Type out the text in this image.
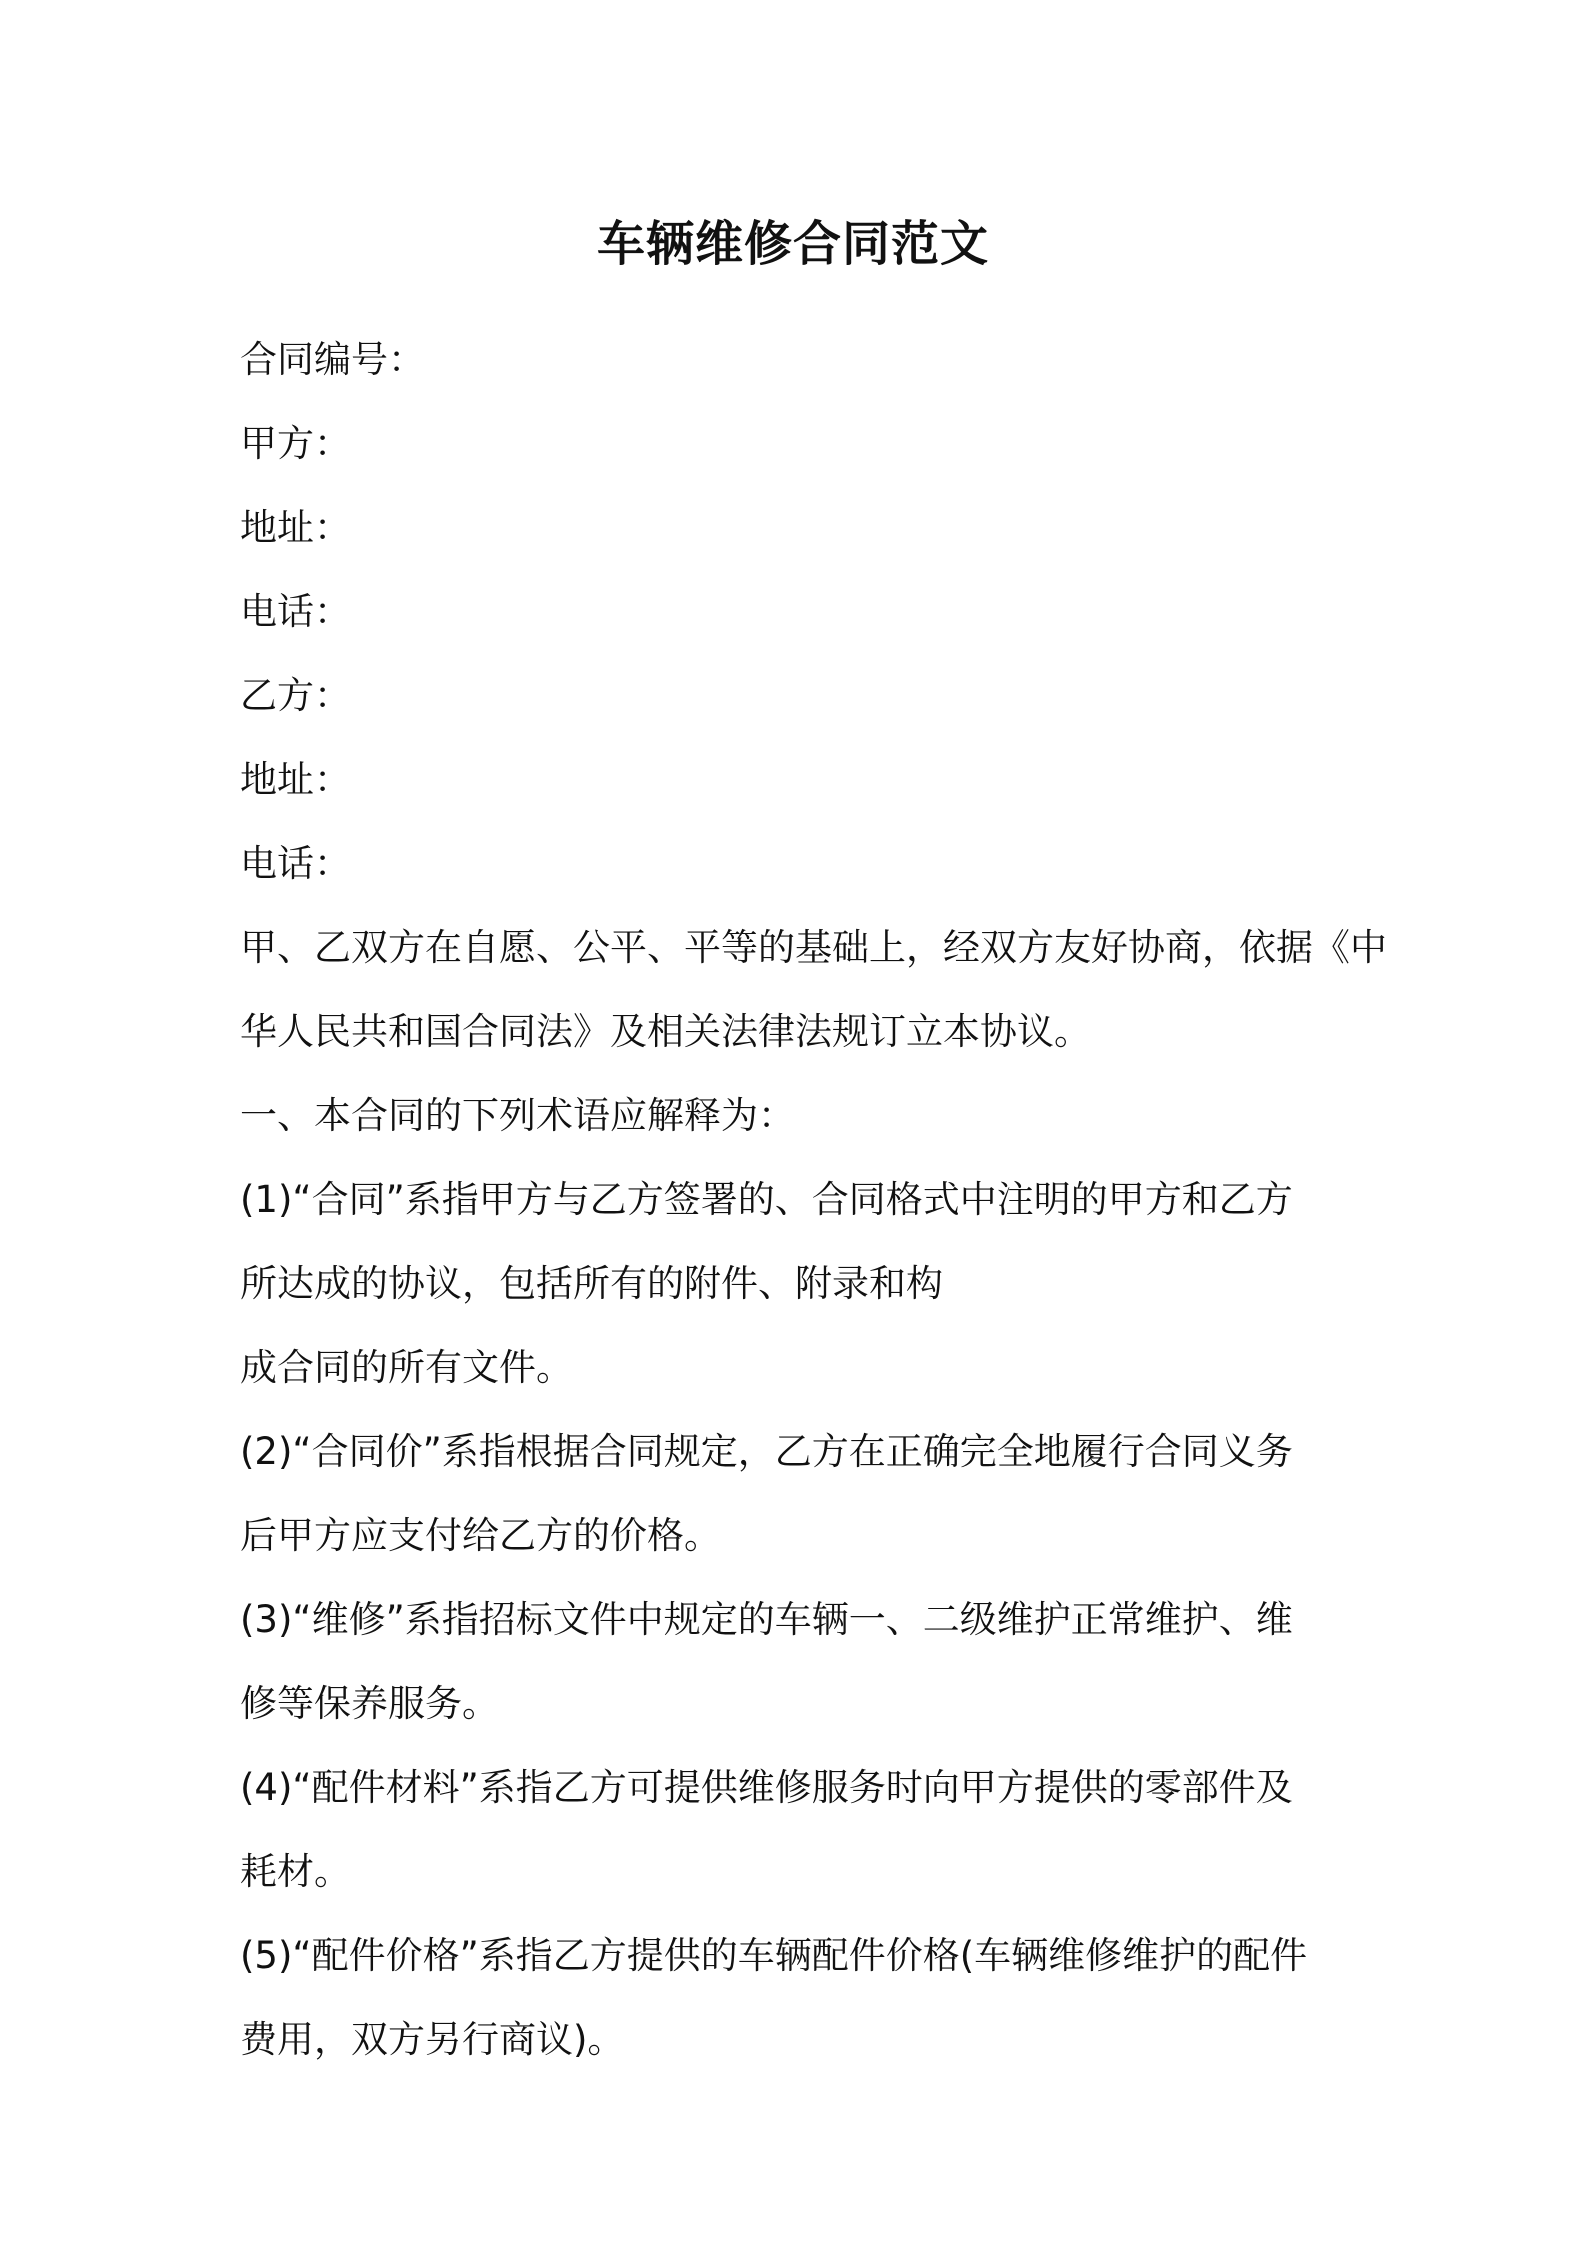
车辆维修合同范文
合同编号：
甲方：
地址：
电话：
乙方：
地址：
电话：
甲、乙双方在自愿、公平、平等的基础上，经双方友好协商，依据《中
华人民共和国合同法》及相关法律法规订立本协议。
一、本合同的下列术语应解释为：
(1)“合同”系指甲方与乙方签署的、合同格式中注明的甲方和乙方
所达成的协议，包括所有的附件、附录和构
成合同的所有文件。
(2)“合同价”系指根据合同规定，乙方在正确完全地履行合同义务
后甲方应支付给乙方的价格。
(3)“维修”系指招标文件中规定的车辆一、二级维护正常维护、维
修等保养服务。
(4)“配件材料”系指乙方可提供维修服务时向甲方提供的零部件及
耗材。
(5)“配件价格”系指乙方提供的车辆配件价格(车辆维修维护的配件
费用，双方另行商议)。
